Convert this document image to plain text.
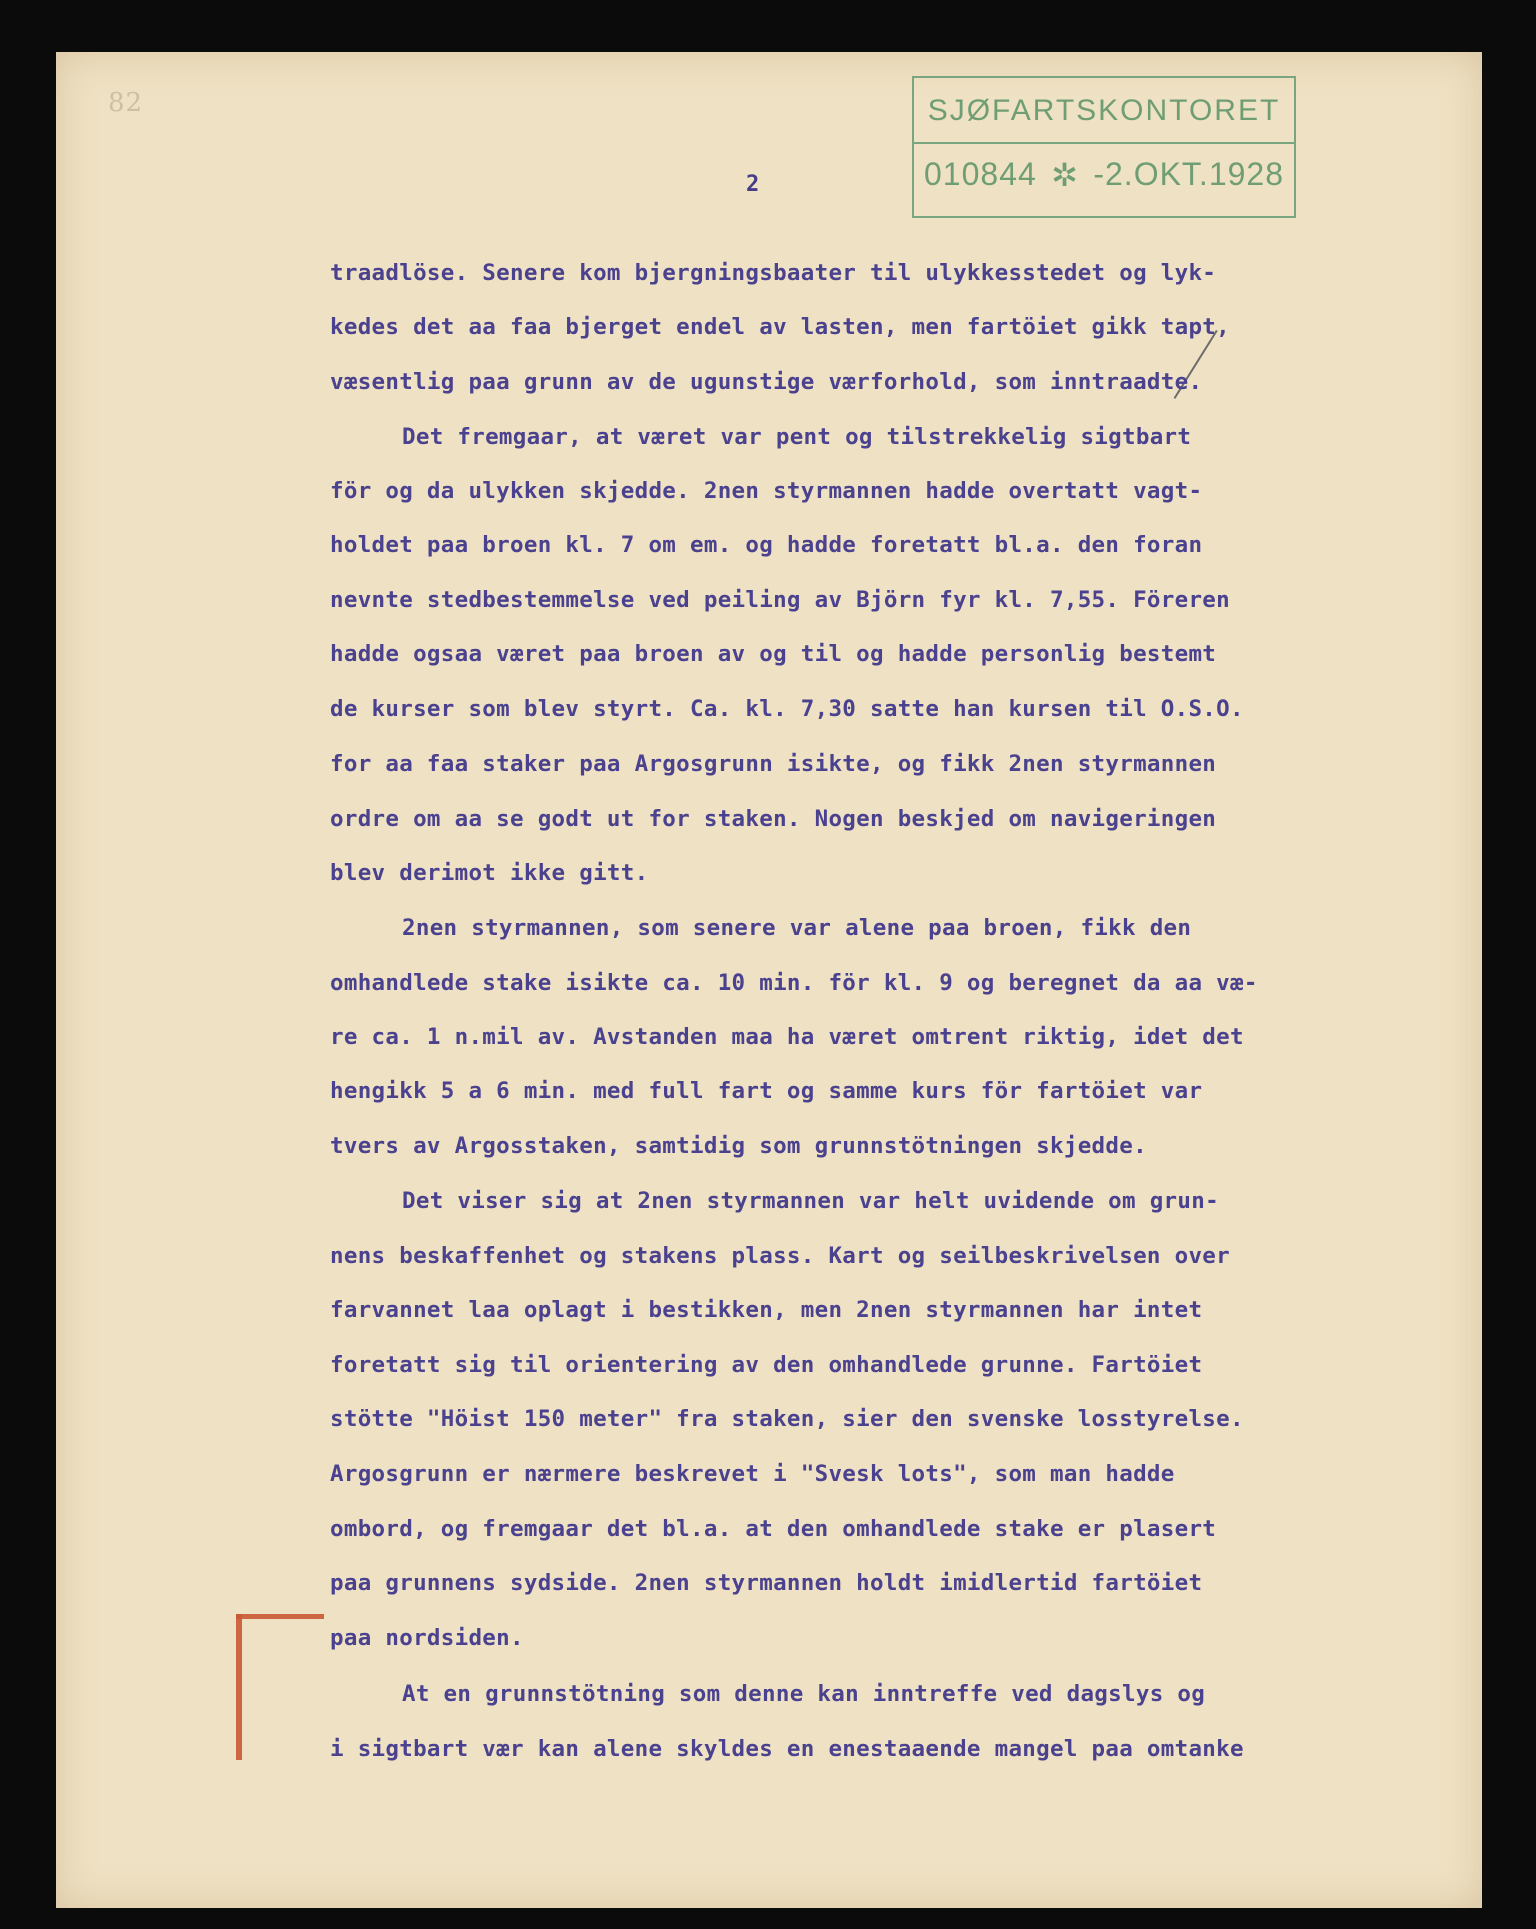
82	SJØFARTSKONTORET
010844 ✲ -2.OKT.1928
2
traadlöse. Senere kom bjergningsbaater til ulykkesstedet og lyk-
kedes det aa faa bjerget endel av lasten, men fartöiet gikk tapt,
væsentlig paa grunn av de ugunstige værforhold, som inntraadte.
Det fremgaar, at været var pent og tilstrekkelig sigtbart
för og da ulykken skjedde. 2nen styrmannen hadde overtatt vagt-
holdet paa broen kl. 7 om em. og hadde foretatt bl.a. den foran
nevnte stedbestemmelse ved peiling av Björn fyr kl. 7,55. Föreren
hadde ogsaa været paa broen av og til og hadde personlig bestemt
de kurser som blev styrt. Ca. kl. 7,30 satte han kursen til O.S.O.
for aa faa staker paa Argosgrunn isikte, og fikk 2nen styrmannen
ordre om aa se godt ut for staken. Nogen beskjed om navigeringen
blev derimot ikke gitt.
2nen styrmannen, som senere var alene paa broen, fikk den
omhandlede stake isikte ca. 10 min. för kl. 9 og beregnet da aa væ-
re ca. 1 n.mil av. Avstanden maa ha været omtrent riktig, idet det
hengikk 5 a 6 min. med full fart og samme kurs för fartöiet var
tvers av Argosstaken, samtidig som grunnstötningen skjedde.
Det viser sig at 2nen styrmannen var helt uvidende om grun-
nens beskaffenhet og stakens plass. Kart og seilbeskrivelsen over
farvannet laa oplagt i bestikken, men 2nen styrmannen har intet
foretatt sig til orientering av den omhandlede grunne. Fartöiet
stötte "Höist 150 meter" fra staken, sier den svenske losstyrelse.
Argosgrunn er nærmere beskrevet i "Svesk lots", som man hadde
ombord, og fremgaar det bl.a. at den omhandlede stake er plasert
paa grunnens sydside. 2nen styrmannen holdt imidlertid fartöiet
paa nordsiden.
At en grunnstötning som denne kan inntreffe ved dagslys og
i sigtbart vær kan alene skyldes en enestaaende mangel paa omtanke
